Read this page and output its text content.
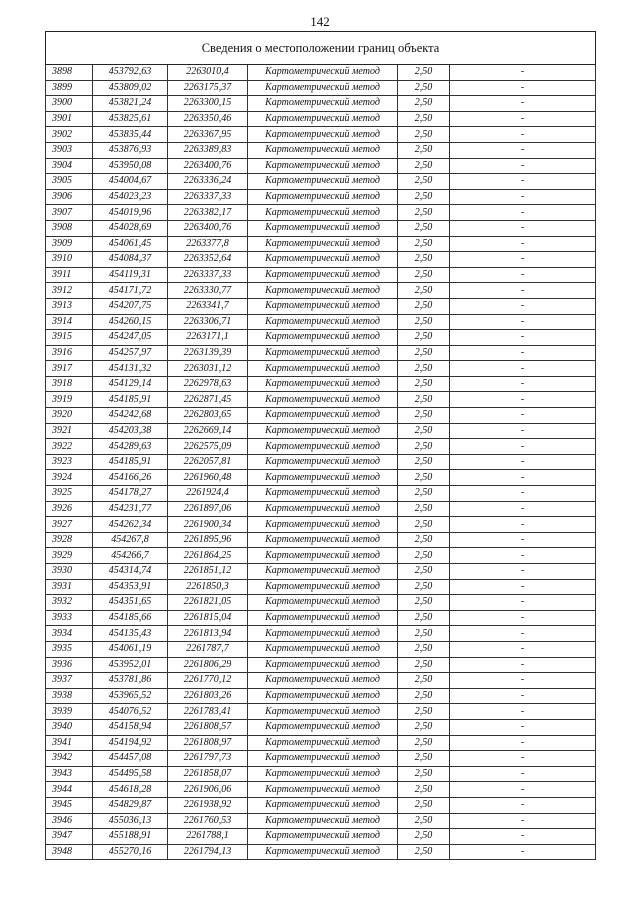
142
Сведения о местоположении границ объекта					
3898	453792,63	2263010,4	Картометрический метод	2,50	-
3899	453809,02	2263175,37	Картометрический метод	2,50	-
3900	453821,24	2263300,15	Картометрический метод	2,50	-
3901	453825,61	2263350,46	Картометрический метод	2,50	-
3902	453835,44	2263367,95	Картометрический метод	2,50	-
3903	453876,93	2263389,83	Картометрический метод	2,50	-
3904	453950,08	2263400,76	Картометрический метод	2,50	-
3905	454004,67	2263336,24	Картометрический метод	2,50	-
3906	454023,23	2263337,33	Картометрический метод	2,50	-
3907	454019,96	2263382,17	Картометрический метод	2,50	-
3908	454028,69	2263400,76	Картометрический метод	2,50	-
3909	454061,45	2263377,8	Картометрический метод	2,50	-
3910	454084,37	2263352,64	Картометрический метод	2,50	-
3911	454119,31	2263337,33	Картометрический метод	2,50	-
3912	454171,72	2263330,77	Картометрический метод	2,50	-
3913	454207,75	2263341,7	Картометрический метод	2,50	-
3914	454260,15	2263306,71	Картометрический метод	2,50	-
3915	454247,05	2263171,1	Картометрический метод	2,50	-
3916	454257,97	2263139,39	Картометрический метод	2,50	-
3917	454131,32	2263031,12	Картометрический метод	2,50	-
3918	454129,14	2262978,63	Картометрический метод	2,50	-
3919	454185,91	2262871,45	Картометрический метод	2,50	-
3920	454242,68	2262803,65	Картометрический метод	2,50	-
3921	454203,38	2262669,14	Картометрический метод	2,50	-
3922	454289,63	2262575,09	Картометрический метод	2,50	-
3923	454185,91	2262057,81	Картометрический метод	2,50	-
3924	454166,26	2261960,48	Картометрический метод	2,50	-
3925	454178,27	2261924,4	Картометрический метод	2,50	-
3926	454231,77	2261897,06	Картометрический метод	2,50	-
3927	454262,34	2261900,34	Картометрический метод	2,50	-
3928	454267,8	2261895,96	Картометрический метод	2,50	-
3929	454266,7	2261864,25	Картометрический метод	2,50	-
3930	454314,74	2261851,12	Картометрический метод	2,50	-
3931	454353,91	2261850,3	Картометрический метод	2,50	-
3932	454351,65	2261821,05	Картометрический метод	2,50	-
3933	454185,66	2261815,04	Картометрический метод	2,50	-
3934	454135,43	2261813,94	Картометрический метод	2,50	-
3935	454061,19	2261787,7	Картометрический метод	2,50	-
3936	453952,01	2261806,29	Картометрический метод	2,50	-
3937	453781,86	2261770,12	Картометрический метод	2,50	-
3938	453965,52	2261803,26	Картометрический метод	2,50	-
3939	454076,52	2261783,41	Картометрический метод	2,50	-
3940	454158,94	2261808,57	Картометрический метод	2,50	-
3941	454194,92	2261808,97	Картометрический метод	2,50	-
3942	454457,08	2261797,73	Картометрический метод	2,50	-
3943	454495,58	2261858,07	Картометрический метод	2,50	-
3944	454618,28	2261906,06	Картометрический метод	2,50	-
3945	454829,87	2261938,92	Картометрический метод	2,50	-
3946	455036,13	2261760,53	Картометрический метод	2,50	-
3947	455188,91	2261788,1	Картометрический метод	2,50	-
3948	455270,16	2261794,13	Картометрический метод	2,50	-
